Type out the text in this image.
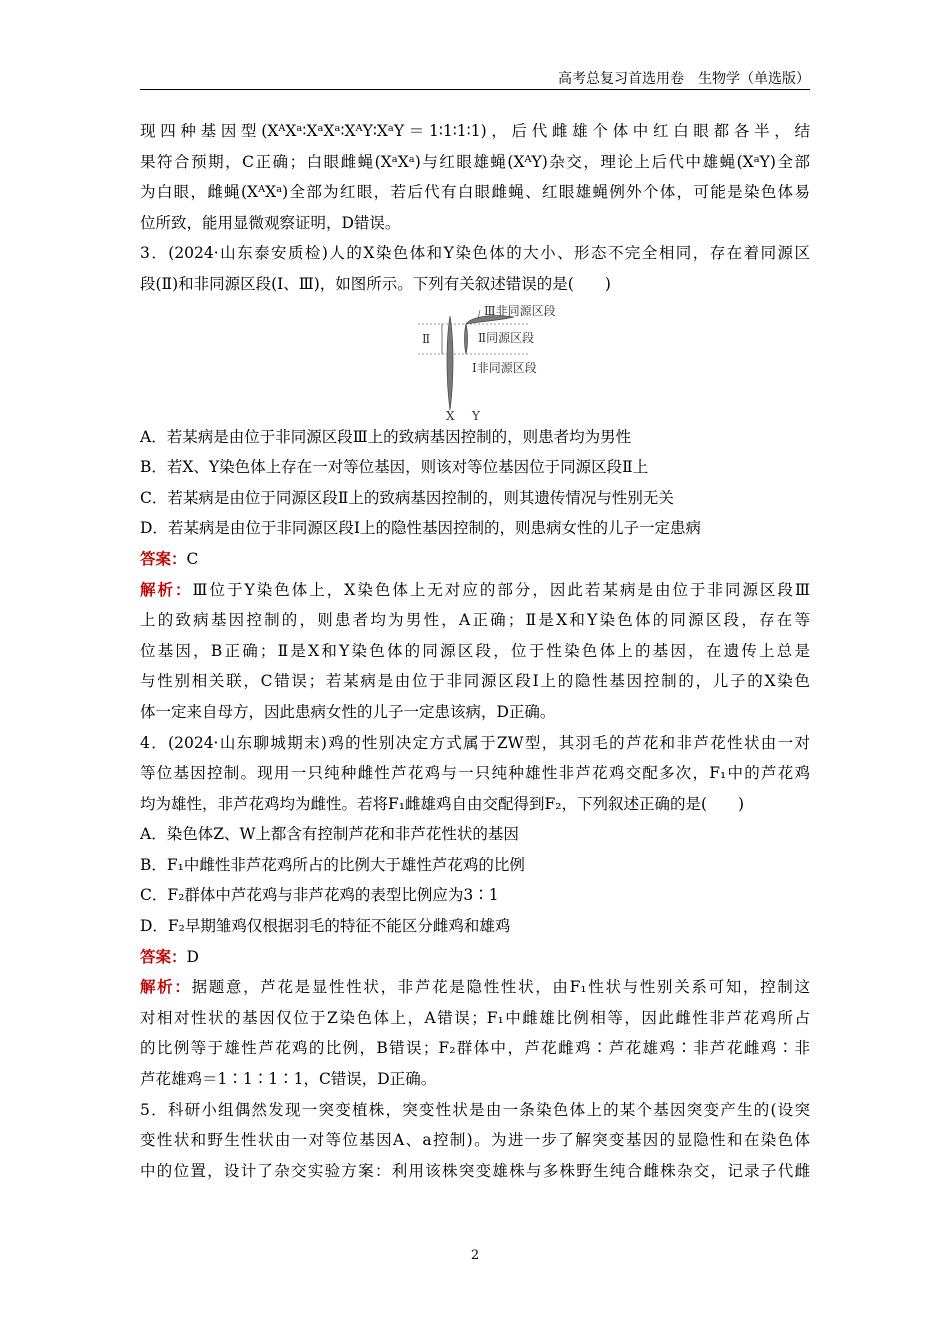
高考总复习首选用卷　生物学（单选版）
现四种基因型(XᴬXᵃ∶XᵃXᵃ∶XᴬY∶XᵃY＝1∶1∶1∶1)，后代雌雄个体中红白眼都各半，结
果符合预期，C正确；白眼雌蝇(XᵃXᵃ)与红眼雄蝇(XᴬY)杂交，理论上后代中雄蝇(XᵃY)全部
为白眼，雌蝇(XᴬXᵃ)全部为红眼，若后代有白眼雌蝇、红眼雄蝇例外个体，可能是染色体易
位所致，能用显微观察证明，D错误。
3．(2024·山东泰安质检)人的X染色体和Y染色体的大小、形态不完全相同，存在着同源区
段(Ⅱ)和非同源区段(Ⅰ、Ⅲ)，如图所示。下列有关叙述错误的是(　　)
Ⅱ
Ⅲ非同源区段
Ⅱ同源区段
Ⅰ非同源区段
X Y
A．若某病是由位于非同源区段Ⅲ上的致病基因控制的，则患者均为男性
B．若X、Y染色体上存在一对等位基因，则该对等位基因位于同源区段Ⅱ上
C．若某病是由位于同源区段Ⅱ上的致病基因控制的，则其遗传情况与性别无关
D．若某病是由位于非同源区段Ⅰ上的隐性基因控制的，则患病女性的儿子一定患病
答案：C
解析：Ⅲ位于Y染色体上，X染色体上无对应的部分，因此若某病是由位于非同源区段Ⅲ
上的致病基因控制的，则患者均为男性，A正确；Ⅱ是X和Y染色体的同源区段，存在等
位基因，B正确；Ⅱ是X和Y染色体的同源区段，位于性染色体上的基因，在遗传上总是
与性别相关联，C错误；若某病是由位于非同源区段Ⅰ上的隐性基因控制的，儿子的X染色
体一定来自母方，因此患病女性的儿子一定患该病，D正确。
4．(2024·山东聊城期末)鸡的性别决定方式属于ZW型，其羽毛的芦花和非芦花性状由一对
等位基因控制。现用一只纯种雌性芦花鸡与一只纯种雄性非芦花鸡交配多次，F₁中的芦花鸡
均为雄性，非芦花鸡均为雌性。若将F₁雌雄鸡自由交配得到F₂，下列叙述正确的是(　　)
A．染色体Z、W上都含有控制芦花和非芦花性状的基因
B．F₁中雌性非芦花鸡所占的比例大于雄性芦花鸡的比例
C．F₂群体中芦花鸡与非芦花鸡的表型比例应为3∶1
D．F₂早期雏鸡仅根据羽毛的特征不能区分雌鸡和雄鸡
答案：D
解析：据题意，芦花是显性性状，非芦花是隐性性状，由F₁性状与性别关系可知，控制这
对相对性状的基因仅位于Z染色体上，A错误；F₁中雌雄比例相等，因此雌性非芦花鸡所占
的比例等于雄性芦花鸡的比例，B错误；F₂群体中，芦花雌鸡∶芦花雄鸡∶非芦花雌鸡∶非
芦花雄鸡＝1∶1∶1∶1，C错误，D正确。
5．科研小组偶然发现一突变植株，突变性状是由一条染色体上的某个基因突变产生的(设突
变性状和野生性状由一对等位基因A、a控制)。为进一步了解突变基因的显隐性和在染色体
中的位置，设计了杂交实验方案：利用该株突变雄株与多株野生纯合雌株杂交，记录子代雌
2
